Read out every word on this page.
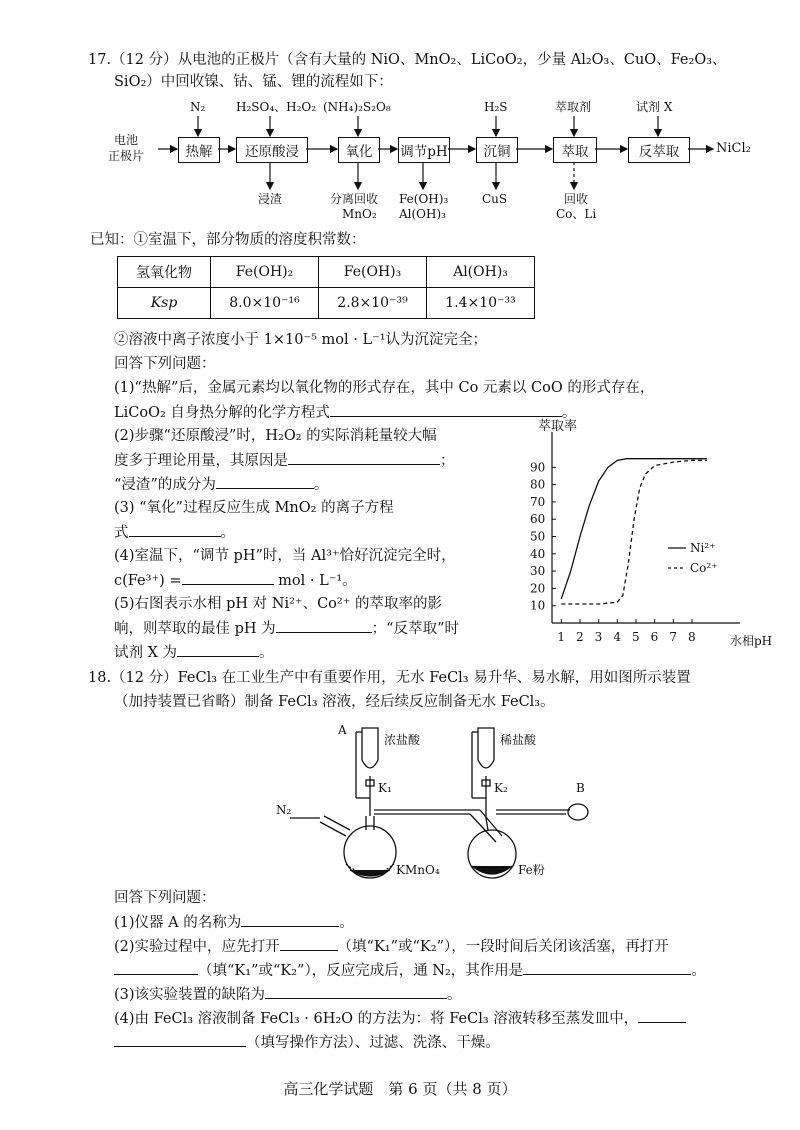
17.（12 分）从电池的正极片（含有大量的 NiO、MnO₂、LiCoO₂，少量 Al₂O₃、CuO、Fe₂O₃、
SiO₂）中回收镍、钴、锰、锂的流程如下：
电池
正极片	热解	还原酸浸	氧化	调节pH	沉铜	萃取	反萃取
N₂	H₂SO₄、H₂O₂ (NH₄)₂S₂O₈	H₂S	萃取剂	试剂 X
浸渣	分离回收
MnO₂
Fe(OH)₃
Al(OH)₃
CuS	回收
Co、Li
NiCl₂
已知：①室温下，部分物质的溶度积常数：
氢氧化物	Fe(OH)₂	Fe(OH)₃	Al(OH)₃
Ksp	8.0×10⁻¹⁶	2.8×10⁻³⁹	1.4×10⁻³³
②溶液中离子浓度小于 1×10⁻⁵ mol · L⁻¹认为沉淀完全；
回答下列问题：
(1)“热解”后，金属元素均以氧化物的形式存在，其中 Co 元素以 CoO 的形式存在，
LiCoO₂ 自身热分解的化学方程式	。
(2)步骤“还原酸浸”时，H₂O₂ 的实际消耗量较大幅
度多于理论用量，其原因是	；
“浸渣”的成分为	。
(3) “氧化”过程反应生成 MnO₂ 的离子方程
式	。
(4)室温下，“调节 pH”时，当 Al³⁺恰好沉淀完全时，
c(Fe³⁺) =	mol · L⁻¹。
(5)右图表示水相 pH 对 Ni²⁺、Co²⁺ 的萃取率的影
响，则萃取的最佳 pH 为	；“反萃取”时
试剂 X 为	。
萃取率
水相pH
1 2 3 4 5 6 7 8
10
20
30
40
50
60
70
80
90
Ni²⁺
Co²⁺
18.（12 分）FeCl₃ 在工业生产中有重要作用，无水 FeCl₃ 易升华、易水解，用如图所示装置
（加持装置已省略）制备 FeCl₃ 溶液，经后续反应制备无水 FeCl₃。
A
浓盐酸
K₁
稀盐酸
K₂	B
N₂
KMnO₄	Fe粉
回答下列问题：
(1)仪器 A 的名称为	。
(2)实验过程中，应先打开	（填“K₁”或“K₂”），一段时间后关闭该活塞，再打开
（填“K₁”或“K₂”），反应完成后，通 N₂，其作用是	。
(3)该实验装置的缺陷为	。
(4)由 FeCl₃ 溶液制备 FeCl₃ · 6H₂O 的方法为：将 FeCl₃ 溶液转移至蒸发皿中，
（填写操作方法）、过滤、洗涤、干燥。
高三化学试题　第 6 页（共 8 页）
